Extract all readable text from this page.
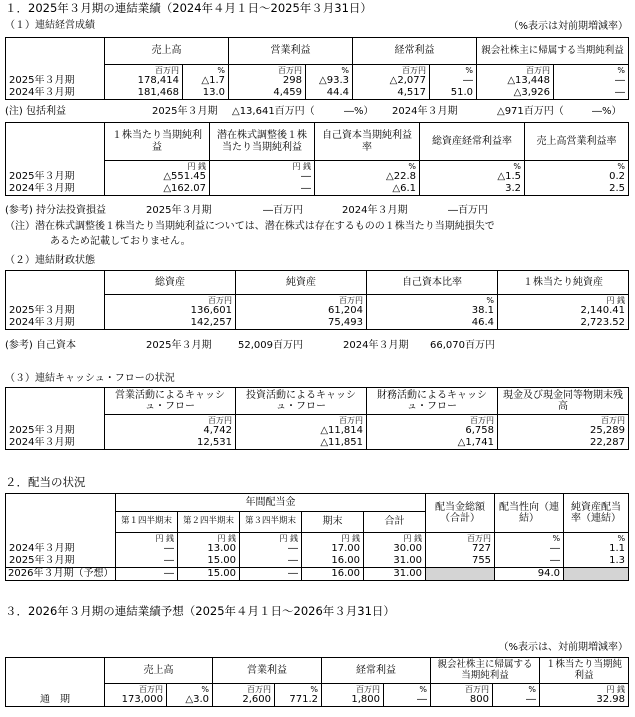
１．2025年３月期の連結業績（2024年４月１日～2025年３月31日）
（１）連結経営成績	（%表示は対前期増減率）
	売上高		営業利益		経常利益		親会社株主に帰属する当期純利益	
	百万円	%	百万円	%	百万円	%	百万円	%
2025年３月期	178,414	△1.7	298	△93.3	△2,077	―	△13,448	―
2024年３月期	181,468	13.0	4,459	44.4	4,517	51.0	△3,926	―
(注) 包括利益	2025年３月期 △13,641百万円（	―%） 2024年３月期	△971百万円（	―%）
	１株当たり当期純利益	潜在株式調整後１株当たり当期純利益	自己資本当期純利益率	総資産経常利益率	売上高営業利益率
	円 銭	円 銭	%	%	%
2025年３月期	△551.45	―	△22.8	△1.5	0.2
2024年３月期	△162.07	―	△6.1	3.2	2.5
(参考) 持分法投資損益	2025年３月期	―百万円	2024年３月期	―百万円
（注）潜在株式調整後１株当たり当期純利益については、潜在株式は存在するものの１株当たり当期純損失で
あるため記載しておりません。
（２）連結財政状態
	総資産	純資産	自己資本比率	１株当たり純資産
	百万円	百万円	%	円 銭
2025年３月期	136,601	61,204	38.1	2,140.41
2024年３月期	142,257	75,493	46.4	2,723.52
(参考) 自己資本	2025年３月期	52,009百万円	2024年３月期 66,070百万円
（３）連結キャッシュ・フローの状況
	営業活動によるキャッシュ・フロー	投資活動によるキャッシュ・フロー	財務活動によるキャッシュ・フロー	現金及び現金同等物期末残高
	百万円	百万円	百万円	百万円
2025年３月期	4,742	△11,814	6,758	25,289
2024年３月期	12,531	△11,851	△1,741	22,287
２．配当の状況
	年間配当金					配当金総額（合計）	配当性向（連結）	純資産配当率（連結）
	第１四半期末	第２四半期末	第３四半期末	期末	合計			
	円 銭	円 銭	円 銭	円 銭	円 銭	百万円	%	%
2024年３月期	―	13.00	―	17.00	30.00	727	―	1.1
2025年３月期	―	15.00	―	16.00	31.00	755	―	1.3
2026年３月期（予想）	―	15.00	―	16.00	31.00		94.0	
３．2026年３月期の連結業績予想（2025年４月１日～2026年３月31日）
（%表示は、対前期増減率）
	売上高		営業利益		経常利益		親会社株主に帰属する当期純利益		１株当たり当期純利益
	百万円	%	百万円	%	百万円	%	百万円	%	円 銭
通　期	173,000	△3.0	2,600	771.2	1,800	―	800	―	32.98
